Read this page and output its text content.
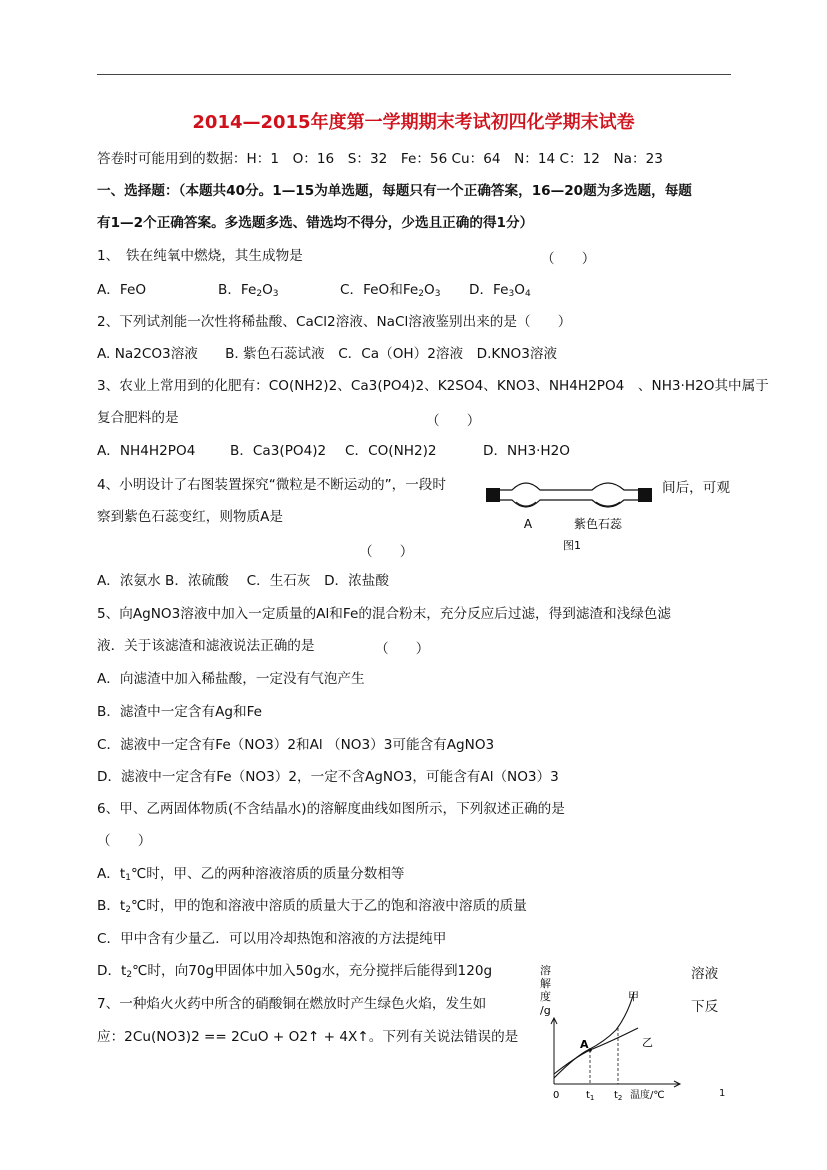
2014—2015年度第一学期期末考试初四化学期末试卷
答卷时可能用到的数据：H：1　O：16　S：32　Fe：56 Cu：64　N：14 C：12　Na：23
一、选择题：（本题共40分。1—15为单选题，每题只有一个正确答案，16—20题为多选题，每题
有1—2个正确答案。多选题多选、错选均不得分，少选且正确的得1分）
1、　铁在纯氧中燃烧，其生成物是	（　　）
A．FeO	B．$Fe_2O_3$	C．FeO和$Fe_2O_3$ D．$Fe_3O_4$
2、下列试剂能一次性将稀盐酸、CaCl2溶液、NaCl溶液鉴别出来的是（　　）
A. Na2CO3溶液　　B. 紫色石蕊试液　C．Ca（OH）2溶液　D.KNO3溶液
3、农业上常用到的化肥有：CO(NH2)2、Ca3(PO4)2、K2SO4、KNO3、NH4H2PO4　、NH3·H2O其中属于
复合肥料的是	（　　）
A．NH4H2PO4	B．Ca3(PO4)2 C．CO(NH2)2	D．NH3·H2O
4、小明设计了右图装置探究“微粒是不断运动的”，一段时	间后，可观
察到紫色石蕊变红，则物质A是
（　　）
A．浓氨水 B．浓硫酸　 C．生石灰　D．浓盐酸
A	紫色石蕊
图1
5、向AgNO3溶液中加入一定质量的Al和Fe的混合粉末，充分反应后过滤，得到滤渣和浅绿色滤
液．关于该滤渣和滤液说法正确的是	（　　）
A．向滤渣中加入稀盐酸，一定没有气泡产生
B．滤渣中一定含有Ag和Fe
C．滤液中一定含有Fe（NO3）2和Al （NO3）3可能含有AgNO3
D．滤液中一定含有Fe（NO3）2，一定不含AgNO3，可能含有Al（NO3）3
6、甲、乙两固体物质(不含结晶水)的溶解度曲线如图所示，下列叙述正确的是
（　　）
A．$t_1℃$时，甲、乙的两种溶液溶质的质量分数相等
B．$t_2℃$时，甲的饱和溶液中溶质的质量大于乙的饱和溶液中溶质的质量
C．甲中含有少量乙．可以用冷却热饱和溶液的方法提纯甲
D．$t_2℃$时，向70g甲固体中加入50g水，充分搅拌后能得到120g	溶液
7、一种焰火火药中所含的硝酸铜在燃放时产生绿色火焰，发生如	下反
应：2Cu(NO3)2 == 2CuO + O2↑ + 4X↑。下列有关说法错误的是
溶
解
度
/g
A
甲
乙
0	$t_1$ $t_2$ 温度/℃	1
